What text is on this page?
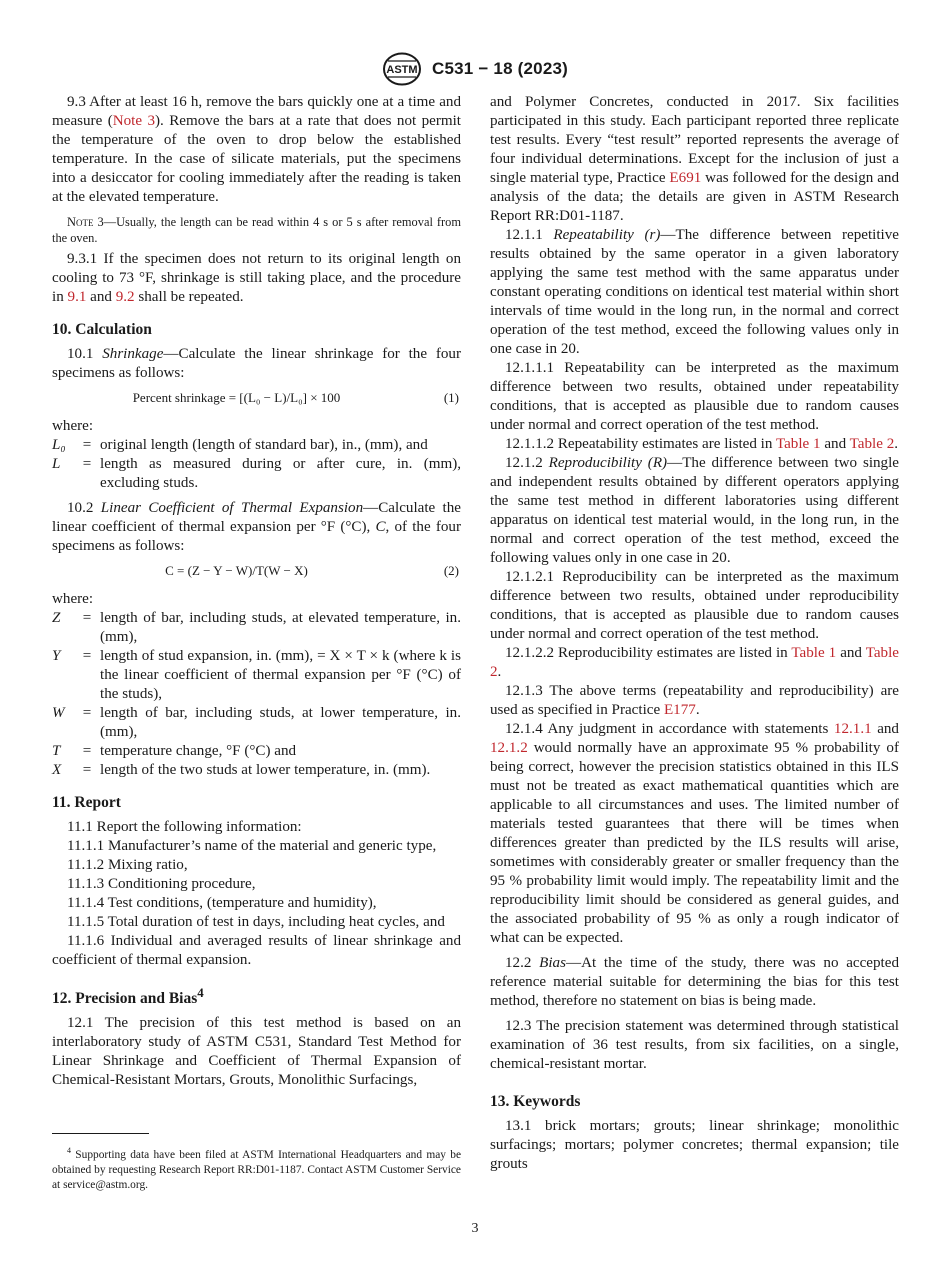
ASTM C531 − 18 (2023)

9.3 After at least 16 h, remove the bars quickly one at a time and measure (Note 3). Remove the bars at a rate that does not permit the temperature of the oven to drop below the established temperature. In the case of silicate materials, put the specimens into a desiccator for cooling immediately after the reading is taken at the elevated temperature.

Note 3—Usually, the length can be read within 4 s or 5 s after removal from the oven.

9.3.1 If the specimen does not return to its original length on cooling to 73 °F, shrinkage is still taking place, and the procedure in 9.1 and 9.2 shall be repeated.

10. Calculation

10.1 Shrinkage—Calculate the linear shrinkage for the four specimens as follows:

Percent shrinkage = [(L₀ − L)/L₀] × 100	(1)

where:

L₀	= original length (length of standard bar), in., (mm), and
L	= length as measured during or after cure, in. (mm), excluding studs.

10.2 Linear Coefficient of Thermal Expansion—Calculate the linear coefficient of thermal expansion per °F (°C), C, of the four specimens as follows:

C = (Z − Y − W)/T(W − X)	(2)

where:

Z	= length of bar, including studs, at elevated temperature, in. (mm),
Y	= length of stud expansion, in. (mm), = X × T × k (where k is the linear coefficient of thermal expansion per °F (°C) of the studs),
W	= length of bar, including studs, at lower temperature, in. (mm),
T	= temperature change, °F (°C) and
X	= length of the two studs at lower temperature, in. (mm).
11. Report

11.1 Report the following information:

11.1.1 Manufacturer’s name of the material and generic type,

11.1.2 Mixing ratio,

11.1.3 Conditioning procedure,

11.1.4 Test conditions, (temperature and humidity),

11.1.5 Total duration of test in days, including heat cycles, and

11.1.6 Individual and averaged results of linear shrinkage and coefficient of thermal expansion.

12. Precision and Bias$^4$

12.1 The precision of this test method is based on an interlaboratory study of ASTM C531, Standard Test Method for Linear Shrinkage and Coefficient of Thermal Expansion of Chemical-Resistant Mortars, Grouts, Monolithic Surfacings,

$^4$ Supporting data have been filed at ASTM International Headquarters and may be obtained by requesting Research Report RR:D01-1187. Contact ASTM Customer Service at service@astm.org.

and Polymer Concretes, conducted in 2017. Six facilities participated in this study. Each participant reported three replicate test results. Every “test result” reported represents the average of four individual determinations. Except for the inclusion of just a single material type, Practice E691 was followed for the design and analysis of the data; the details are given in ASTM Research Report RR:D01-1187.

12.1.1 Repeatability (r)—The difference between repetitive results obtained by the same operator in a given laboratory applying the same test method with the same apparatus under constant operating conditions on identical test material within short intervals of time would in the long run, in the normal and correct operation of the test method, exceed the following values only in one case in 20.

12.1.1.1 Repeatability can be interpreted as the maximum difference between two results, obtained under repeatability conditions, that is accepted as plausible due to random causes under normal and correct operation of the test method.

12.1.1.2 Repeatability estimates are listed in Table 1 and Table 2.

12.1.2 Reproducibility (R)—The difference between two single and independent results obtained by different operators applying the same test method in different laboratories using different apparatus on identical test material would, in the long run, in the normal and correct operation of the test method, exceed the following values only in one case in 20.

12.1.2.1 Reproducibility can be interpreted as the maximum difference between two results, obtained under reproducibility conditions, that is accepted as plausible due to random causes under normal and correct operation of the test method.

12.1.2.2 Reproducibility estimates are listed in Table 1 and Table 2.

12.1.3 The above terms (repeatability and reproducibility) are used as specified in Practice E177.

12.1.4 Any judgment in accordance with statements 12.1.1 and 12.1.2 would normally have an approximate 95 % probability of being correct, however the precision statistics obtained in this ILS must not be treated as exact mathematical quantities which are applicable to all circumstances and uses. The limited number of materials tested guarantees that there will be times when differences greater than predicted by the ILS results will arise, sometimes with considerably greater or smaller frequency than the 95 % probability limit would imply. The repeatability limit and the reproducibility limit should be considered as general guides, and the associated probability of 95 % as only a rough indicator of what can be expected.

12.2 Bias—At the time of the study, there was no accepted reference material suitable for determining the bias for this test method, therefore no statement on bias is being made.

12.3 The precision statement was determined through statistical examination of 36 test results, from six facilities, on a single, chemical-resistant mortar.

13. Keywords

13.1 brick mortars; grouts; linear shrinkage; monolithic surfacings; mortars; polymer concretes; thermal expansion; tile grouts

3
